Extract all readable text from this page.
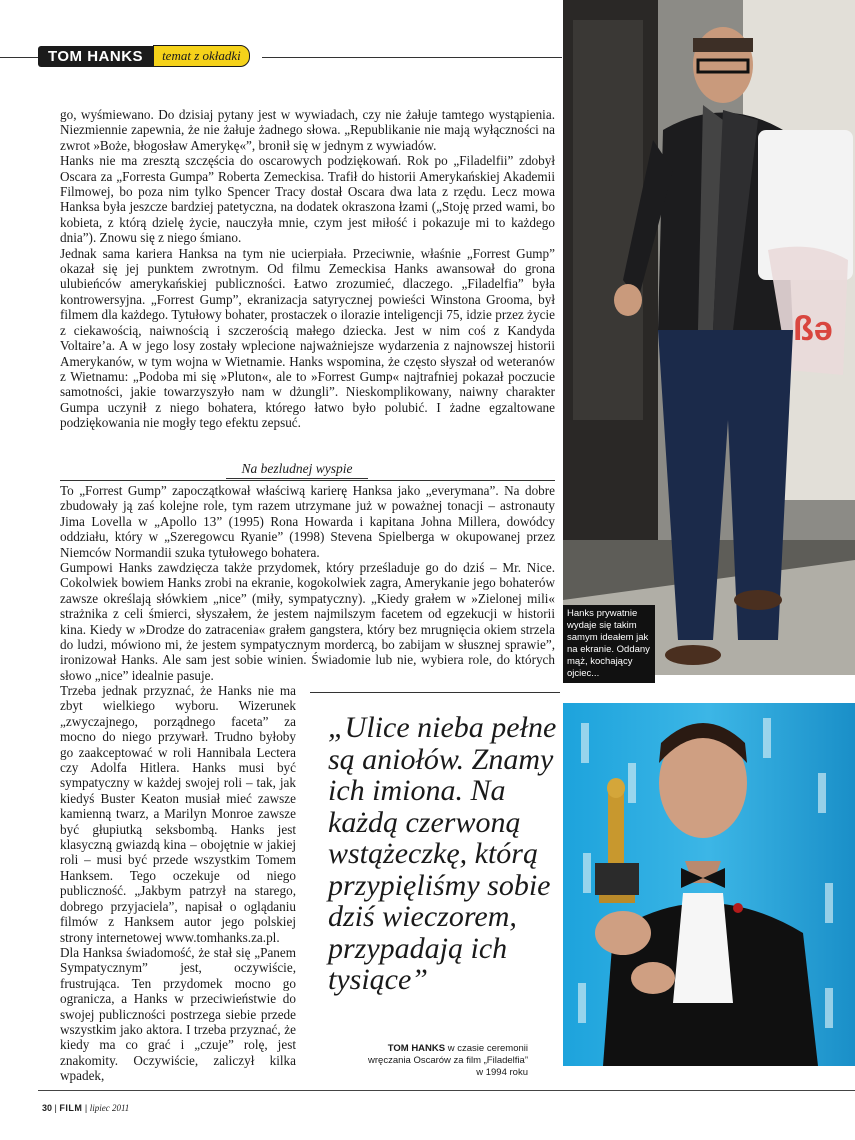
TOM HANKS	temat z okładki

go, wyśmiewano. Do dzisiaj pytany jest w wywiadach, czy nie żałuje tamtego wystąpienia. Niezmiennie zapewnia, że nie żałuje żadnego słowa. „Republikanie nie mają wyłączności na zwrot »Boże, błogosław Amerykę«”, bronił się w jednym z wywiadów.

Hanks nie ma zresztą szczęścia do oscarowych podziękowań. Rok po „Filadelfii” zdobył Oscara za „Forresta Gumpa” Roberta Zemeckisa. Trafił do historii Amerykańskiej Akademii Filmowej, bo poza nim tylko Spencer Tracy dostał Oscara dwa lata z rzędu. Lecz mowa Hanksa była jeszcze bardziej patetyczna, na dodatek okraszona łzami („Stoję przed wami, bo kobieta, z którą dzielę życie, nauczyła mnie, czym jest miłość i pokazuje mi to każdego dnia”). Znowu się z niego śmiano.

Jednak sama kariera Hanksa na tym nie ucierpiała. Przeciwnie, właśnie „Forrest Gump” okazał się jej punktem zwrotnym. Od filmu Zemeckisa Hanks awansował do grona ulubieńców amerykańskiej publiczności. Łatwo zrozumieć, dlaczego. „Filadelfia” była kontrowersyjna. „Forrest Gump”, ekranizacja satyrycznej powieści Winstona Grooma, był filmem dla każdego. Tytułowy bohater, prostaczek o ilorazie inteligencji 75, idzie przez życie z ciekawością, naiwnością i szczerością małego dziecka. Jest w nim coś z Kandyda Voltaire’a. A w jego losy zostały wplecione najważniejsze wydarzenia z najnowszej historii Amerykanów, w tym wojna w Wietnamie. Hanks wspomina, że często słyszał od weteranów z Wietnamu: „Podoba mi się »Pluton«, ale to »Forrest Gump« najtrafniej pokazał poczucie samotności, jakie towarzyszyło nam w dżungli”. Nieskomplikowany, naiwny charakter Gumpa uczynił z niego bohatera, którego łatwo było polubić. I żadne egzaltowane podziękowania nie mogły tego efektu zepsuć.

Na bezludnej wyspie

To „Forrest Gump” zapoczątkował właściwą karierę Hanksa jako „everymana”. Na dobre zbudowały ją zaś kolejne role, tym razem utrzymane już w poważnej tonacji – astronauty Jima Lovella w „Apollo 13” (1995) Rona Howarda i kapitana Johna Millera, dowódcy oddziału, który w „Szeregowcu Ryanie” (1998) Stevena Spielberga w okupowanej przez Niemców Normandii szuka tytułowego bohatera.

Gumpowi Hanks zawdzięcza także przydomek, który prześladuje go do dziś – Mr. Nice. Cokolwiek bowiem Hanks zrobi na ekranie, kogokolwiek zagra, Amerykanie jego bohaterów zawsze określają słówkiem „nice” (miły, sympatyczny). „Kiedy grałem w »Zielonej mili« strażnika z celi śmierci, słyszałem, że jestem najmilszym facetem od egzekucji w historii kina. Kiedy w »Drodze do zatracenia« grałem gangstera, który bez mrugnięcia okiem strzela do ludzi, mówiono mi, że jestem sympatycznym mordercą, bo zabijam w słusznej sprawie”, ironizował Hanks. Ale sam jest sobie winien. Świadomie lub nie, wybiera role, do których słowo „nice” idealnie pasuje.

Trzeba jednak przyznać, że Hanks nie ma zbyt wielkiego wyboru. Wizerunek „zwyczajnego, porządnego faceta” za mocno do niego przywarł. Trudno byłoby go zaakceptować w roli Hannibala Lectera czy Adolfa Hitlera. Hanks musi być sympatyczny w każdej swojej roli – tak, jak kiedyś Buster Keaton musiał mieć zawsze kamienną twarz, a Marilyn Monroe zawsze być głupiutką seksbombą. Hanks jest klasyczną gwiazdą kina – obojętnie w jakiej roli – musi być przede wszystkim Tomem Hanksem. Tego oczekuje od niego publiczność. „Jakbym patrzył na starego, dobrego przyjaciela”, napisał o oglądaniu filmów z Hanksem autor jego polskiej strony internetowej www.tomhanks.za.pl.

Dla Hanksa świadomość, że stał się „Panem Sympatycznym” jest, oczywiście, frustrująca. Ten przydomek mocno go ogranicza, a Hanks w przeciwieństwie do swojej publiczności postrzega siebie przede wszystkim jako aktora. I trzeba przyznać, że kiedy ma co grać i „czuje” rolę, jest znakomity. Oczywiście, zaliczył kilka wpadek,

„Ulice nieba pełne są aniołów. Znamy ich imiona. Na każdą czerwoną wstążeczkę, którą przypięliśmy sobie dziś wieczorem, przypadają ich tysiące”
TOM HANKS w czasie ceremonii wręczania Oscarów za film „Filadelfia” w 1994 roku
ßə
Hanks prywatnie wydaje się takim samym ideałem jak na ekranie. Oddany mąż, kochający ojciec...
30 | FILM | lipiec 2011
